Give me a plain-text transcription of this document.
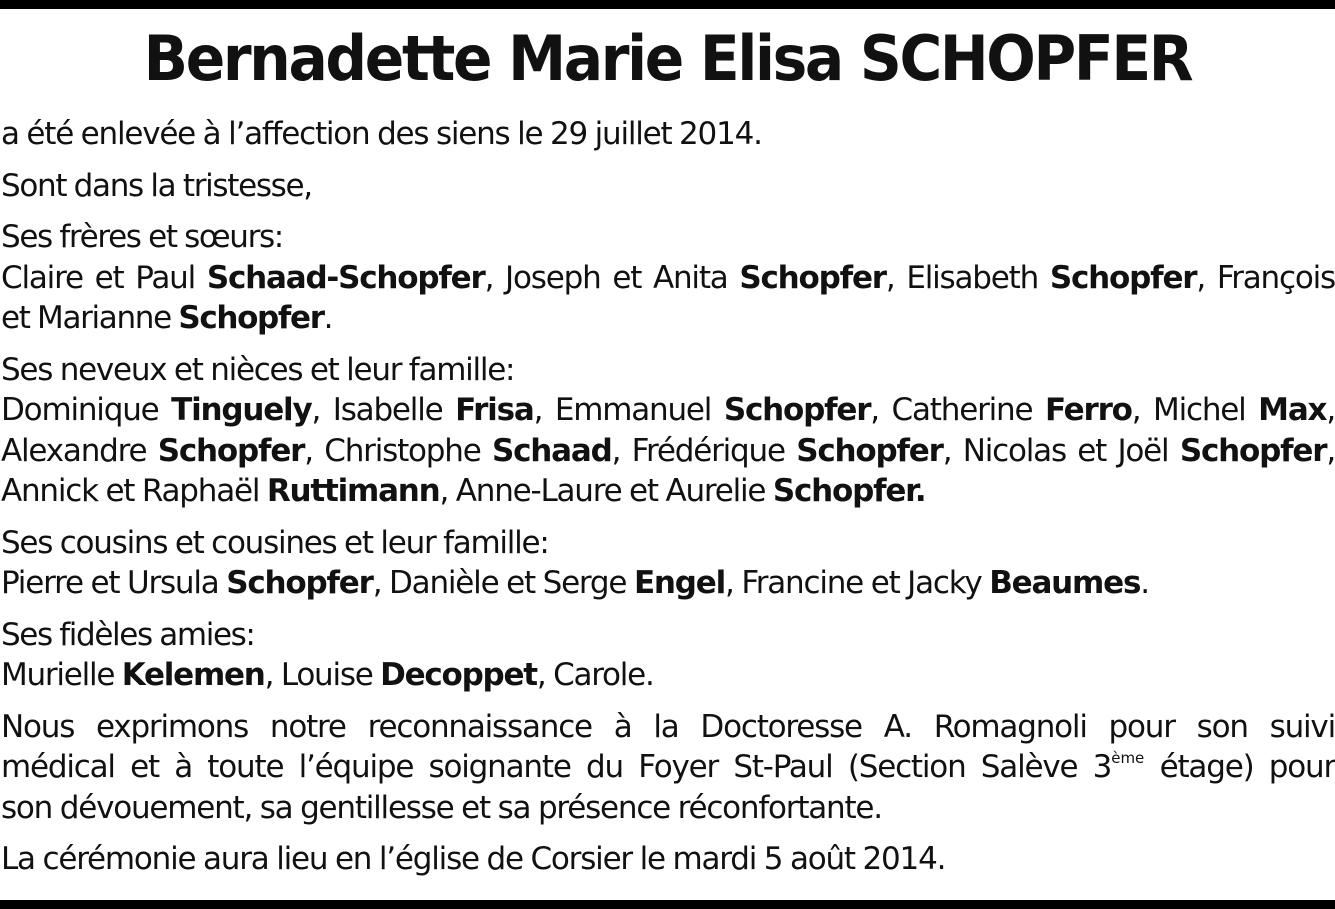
Bernadette Marie Elisa SCHOPFER

a été enlevée à l’affection des siens le 29 juillet 2014.

Sont dans la tristesse,

Ses frères et sœurs:
Claire et Paul Schaad-Schopfer, Joseph et Anita Schopfer, Elisabeth Schopfer, François
et Marianne Schopfer.

Ses neveux et nièces et leur famille:
Dominique Tinguely, Isabelle Frisa, Emmanuel Schopfer, Catherine Ferro, Michel Max,
Alexandre Schopfer, Christophe Schaad, Frédérique Schopfer, Nicolas et Joël Schopfer,
Annick et Raphaël Ruttimann, Anne-Laure et Aurelie Schopfer.

Ses cousins et cousines et leur famille:
Pierre et Ursula Schopfer, Danièle et Serge Engel, Francine et Jacky Beaumes.

Ses fidèles amies:
Murielle Kelemen, Louise Decoppet, Carole.

Nous exprimons notre reconnaissance à la Doctoresse A. Romagnoli pour son suivi
médical et à toute l’équipe soignante du Foyer St-Paul (Section Salève 3ème étage) pour
son dévouement, sa gentillesse et sa présence réconfortante.

La cérémonie aura lieu en l’église de Corsier le mardi 5 août 2014.
